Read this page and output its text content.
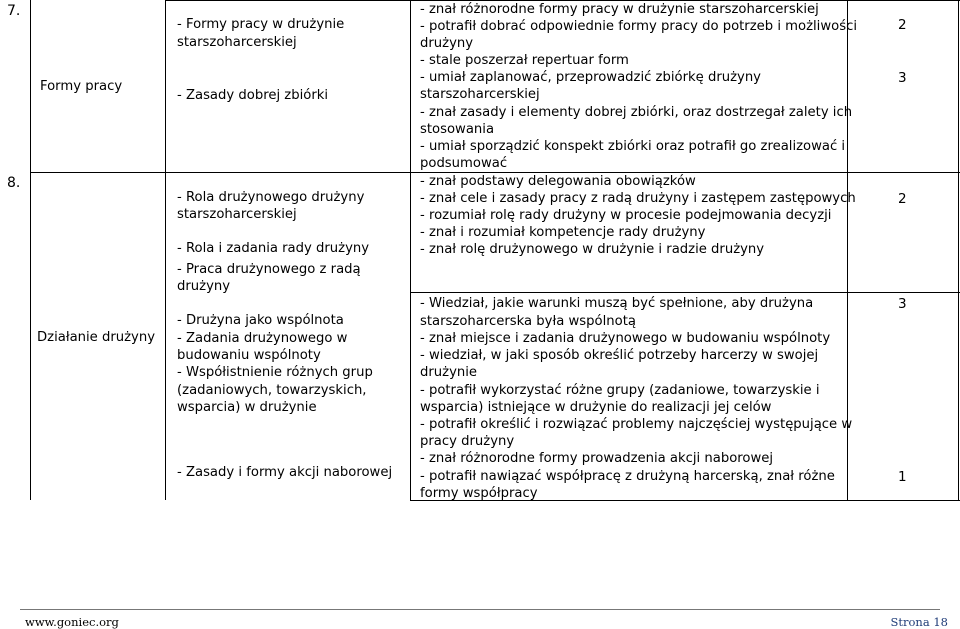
7.
Formy pracy
- Formy pracy w drużynie
starszoharcerskiej
- Zasady dobrej zbiórki
- znał różnorodne formy pracy w drużynie starszoharcerskiej
- potrafił dobrać odpowiednie formy pracy do potrzeb i możliwości
drużyny
- stale poszerzał repertuar form
- umiał zaplanować, przeprowadzić zbiórkę drużyny
starszoharcerskiej
- znał zasady i elementy dobrej zbiórki, oraz dostrzegał zalety ich
stosowania
- umiał sporządzić konspekt zbiórki oraz potrafił go zrealizować i
podsumować
2
3
8.
Działanie drużyny
- Rola drużynowego drużyny
starszoharcerskiej
- Rola i zadania rady drużyny
- Praca drużynowego z radą
drużyny
- Drużyna jako wspólnota
- Zadania drużynowego w
budowaniu wspólnoty
- Współistnienie różnych grup
(zadaniowych, towarzyskich,
wsparcia) w drużynie
- Zasady i formy akcji naborowej
- znał podstawy delegowania obowiązków
- znał cele i zasady pracy z radą drużyny i zastępem zastępowych
- rozumiał rolę rady drużyny w procesie podejmowania decyzji
- znał i rozumiał kompetencje rady drużyny
- znał rolę drużynowego w drużynie i radzie drużyny
- Wiedział, jakie warunki muszą być spełnione, aby drużyna
starszoharcerska była wspólnotą
- znał miejsce i zadania drużynowego w budowaniu wspólnoty
- wiedział, w jaki sposób określić potrzeby harcerzy w swojej
drużynie
- potrafił wykorzystać różne grupy (zadaniowe, towarzyskie i
wsparcia) istniejące w drużynie do realizacji jej celów
- potrafił określić i rozwiązać problemy najczęściej występujące w
pracy drużyny
- znał różnorodne formy prowadzenia akcji naborowej
- potrafił nawiązać współpracę z drużyną harcerską, znał różne
formy współpracy
2
3
1
www.goniec.org	Strona 18
